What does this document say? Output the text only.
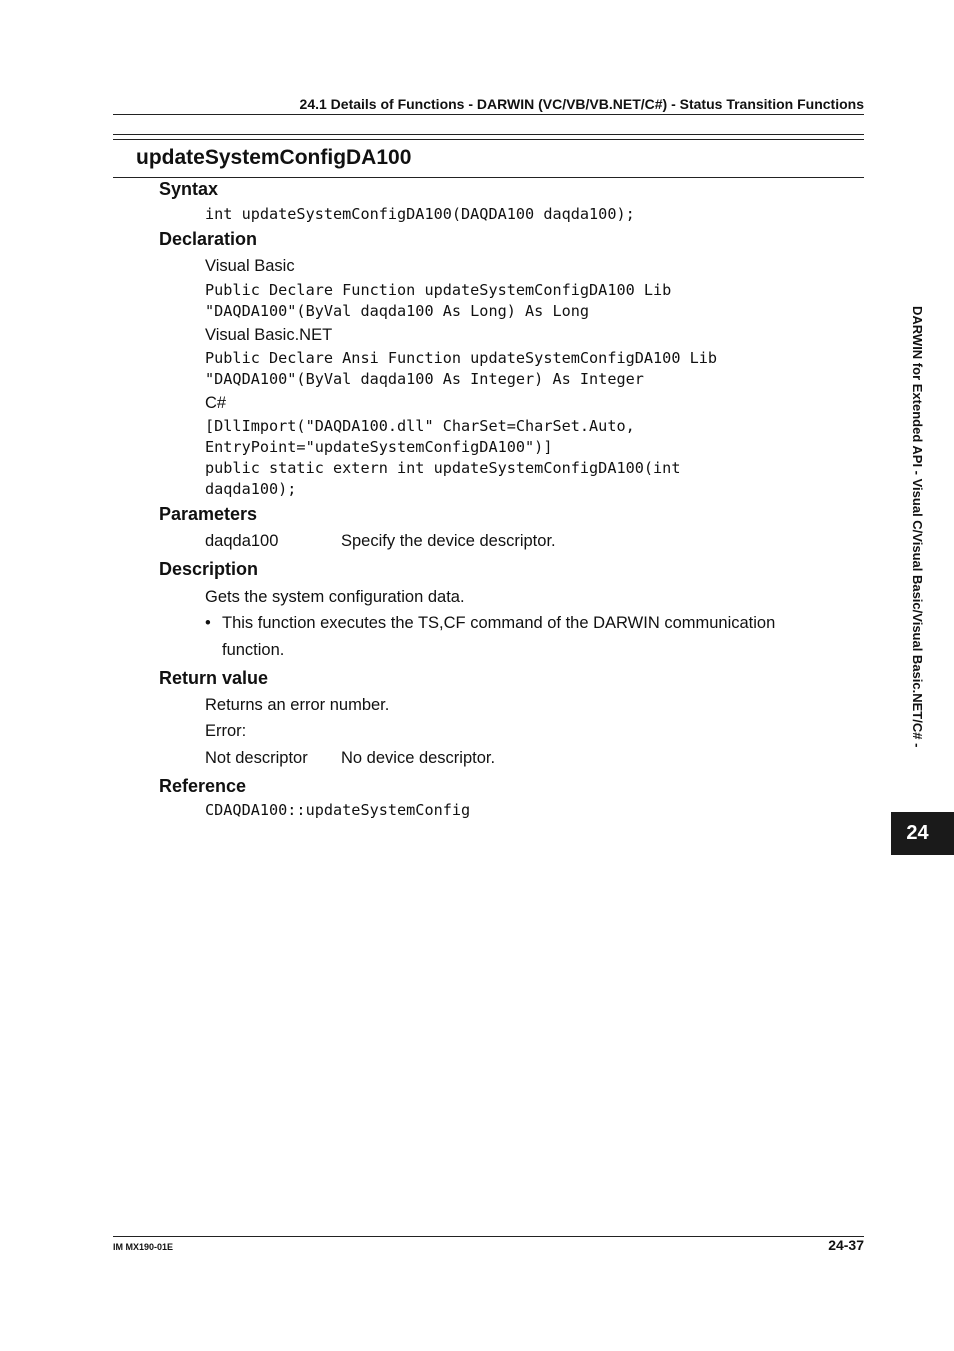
24.1 Details of Functions - DARWIN (VC/VB/VB.NET/C#) - Status Transition Functions
updateSystemConfigDA100
Syntax
int updateSystemConfigDA100(DAQDA100 daqda100);
Declaration
Visual Basic
Public Declare Function updateSystemConfigDA100 Lib
"DAQDA100"(ByVal daqda100 As Long) As Long
Visual Basic.NET
Public Declare Ansi Function updateSystemConfigDA100 Lib
"DAQDA100"(ByVal daqda100 As Integer) As Integer
C#
[DllImport("DAQDA100.dll" CharSet=CharSet.Auto,
EntryPoint="updateSystemConfigDA100")]
public static extern int updateSystemConfigDA100(int
daqda100);
Parameters
daqda100	Specify the device descriptor.
Description
Gets the system configuration data.
• This function executes the TS,CF command of the DARWIN communication
function.
Return value
Returns an error number.
Error:
Not descriptor No device descriptor.
Reference
CDAQDA100::updateSystemConfig
DARWIN for Extended API - Visual C/Visual Basic/Visual Basic.NET/C# -
24
IM MX190-01E	24-37
